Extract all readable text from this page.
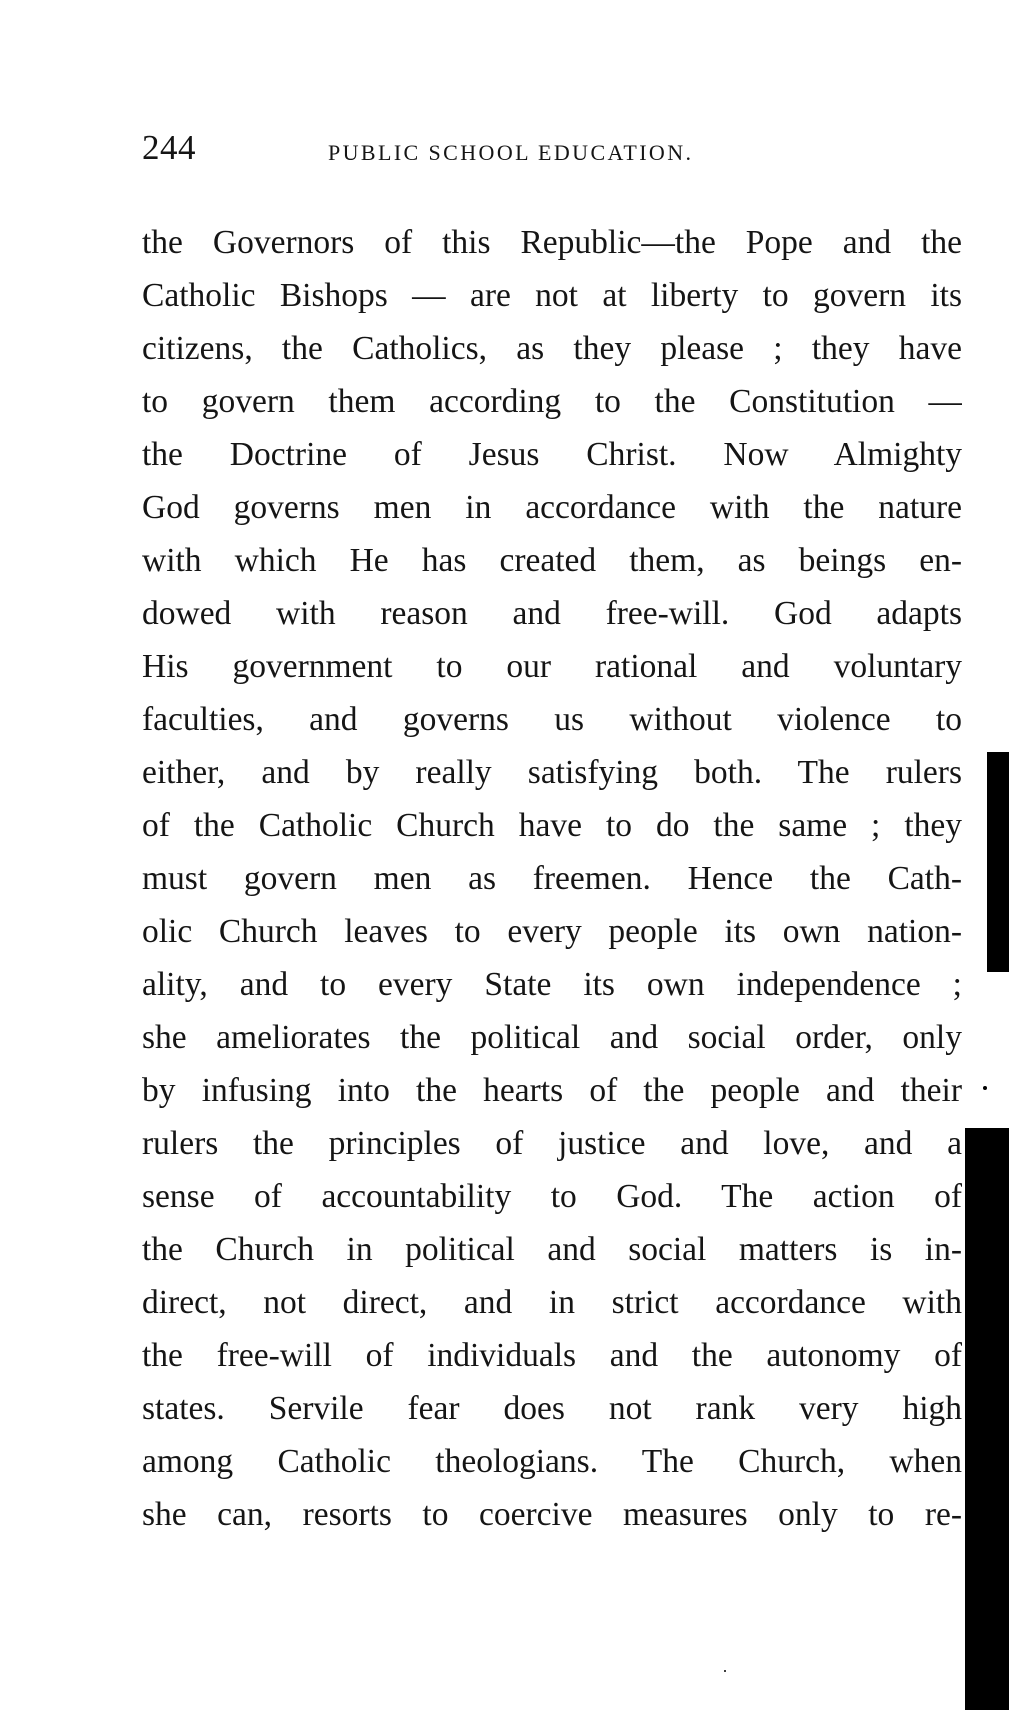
244	PUBLIC SCHOOL EDUCATION.
the Governors of this Republic—the Pope and the
Catholic Bishops — are not at liberty to govern its
citizens, the Catholics, as they please ; they have
to govern them according to the Constitution —
the Doctrine of Jesus Christ. Now Almighty
God governs men in accordance with the nature
with which He has created them, as beings en-
dowed with reason and free-will. God adapts
His government to our rational and voluntary
faculties, and governs us without violence to
either, and by really satisfying both. The rulers
of the Catholic Church have to do the same ; they
must govern men as freemen. Hence the Cath-
olic Church leaves to every people its own nation-
ality, and to every State its own independence ;
she ameliorates the political and social order, only
by infusing into the hearts of the people and their
rulers the principles of justice and love, and a
sense of accountability to God. The action of
the Church in political and social matters is in-
direct, not direct, and in strict accordance with
the free-will of individuals and the autonomy of
states. Servile fear does not rank very high
among Catholic theologians. The Church, when
she can, resorts to coercive measures only to re-
